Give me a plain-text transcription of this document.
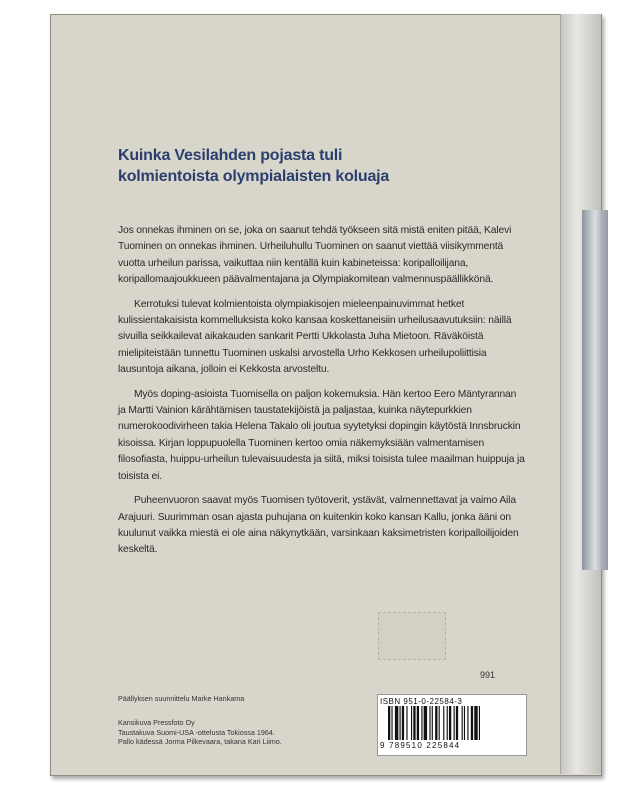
Kuinka Vesilahden pojasta tuli
kolmientoista olympialaisten koluaja

Jos onnekas ihminen on se, joka on saanut tehdä työkseen sitä mistä eniten pitää, Kalevi Tuominen on onnekas ihminen. Urheiluhullu Tuominen on saanut viettää viisikymmentä vuotta urheilun parissa, vaikuttaa niin kentällä kuin kabineteissa: koripalloilijana, koripallomaajoukkueen päävalmentajana ja Olympiakomitean valmennuspäällikkönä.

Kerrotuksi tulevat kolmientoista olympiakisojen mieleenpainuvimmat hetket kulissientakaisista kommelluksista koko kansaa koskettaneisiin urheilusaavutuksiin: näillä sivuilla seikkailevat aikakauden sankarit Pertti Ukkolasta Juha Mietoon. Räväköistä mielipiteistään tunnettu Tuominen uskalsi arvostella Urho Kekkosen urheilupoliittisia lausuntoja aikana, jolloin ei Kekkosta arvosteltu.

Myös doping-asioista Tuomisella on paljon kokemuksia. Hän kertoo Eero Mäntyrannan ja Martti Vainion kärähtämisen taustatekijöistä ja paljastaa, kuinka näytepurkkien numerokoodivirheen takia Helena Takalo oli joutua syytetyksi dopingin käytöstä Innsbruckin kisoissa. Kirjan loppupuolella Tuominen kertoo omia näkemyksiään valmentamisen filosofiasta, huippu-urheilun tulevaisuudesta ja siitä, miksi toisista tulee maailman huippuja ja toisista ei.

Puheenvuoron saavat myös Tuomisen työtoverit, ystävät, valmennettavat ja vaimo Aila Arajuuri. Suurimman osan ajasta puhujana on kuitenkin koko kansan Kallu, jonka ääni on kuulunut vaikka miestä ei ole aina näkynytkään, varsinkaan kaksimetristen koripalloilijoiden keskeltä.

991
Päällyksen suunnittelu Marke Hankama
Kansikuva Pressfoto Oy
Taustakuva Suomi-USA -ottelusta Tokiossa 1964.
Pallo kädessä Jorma Pilkevaara, takana Kari Liimo.
ISBN 951-0-22584-3
9 789510 225844
